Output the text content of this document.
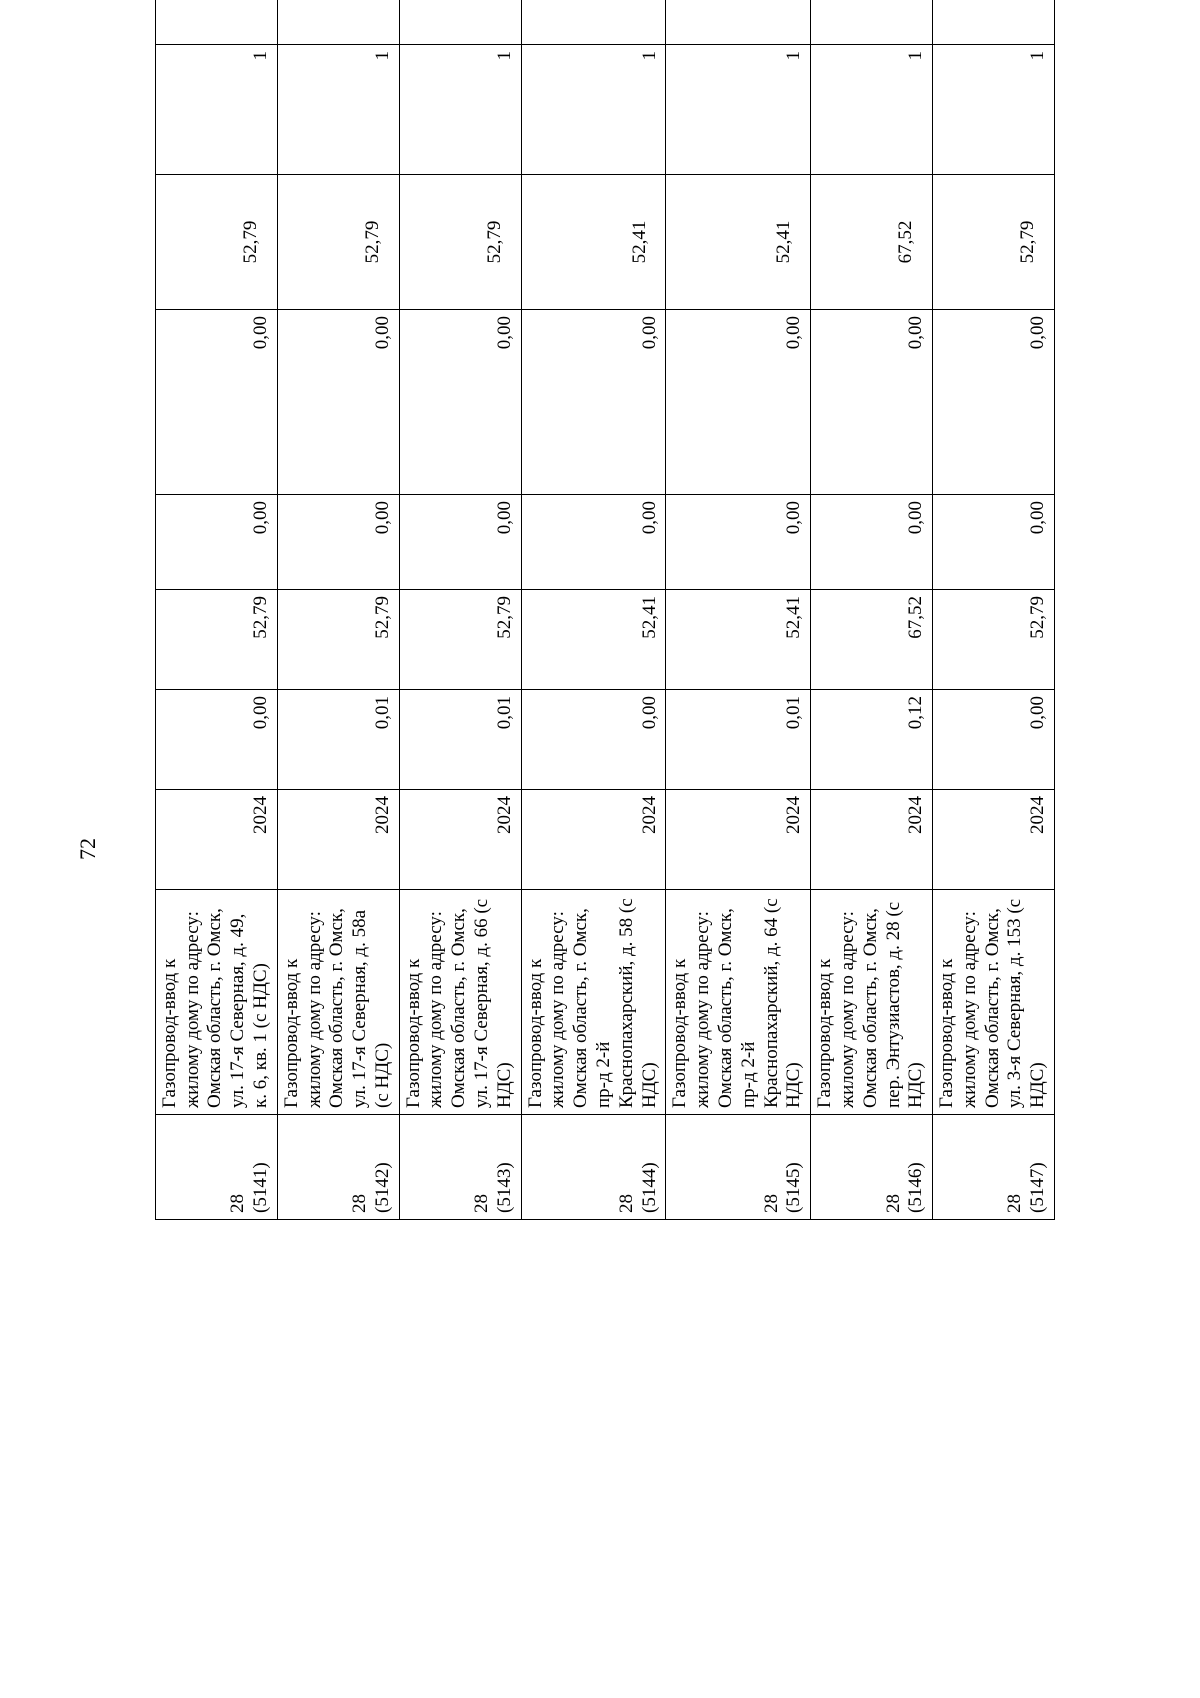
72
28 (5141)	Газопровод-ввод к жилому дому по адресу: Омская область, г. Омск, ул. 17-я Северная, д. 49, к. 6, кв. 1 (с НДС)	2024	0,00	52,79	0,00	0,00	52,79	1		

28 (5142)	Газопровод-ввод к жилому дому по адресу: Омская область, г. Омск, ул. 17-я Северная, д. 58а (с НДС)	2024	0,01	52,79	0,00	0,00	52,79	1		

28 (5143)	Газопровод-ввод к жилому дому по адресу: Омская область, г. Омск, ул. 17-я Северная, д. 66 (с НДС)	2024	0,01	52,79	0,00	0,00	52,79	1		

28 (5144)	Газопровод-ввод к жилому дому по адресу: Омская область, г. Омск, пр-д 2-й Краснопахарский, д. 58 (с НДС)	2024	0,00	52,41	0,00	0,00	52,41	1		

28 (5145)	Газопровод-ввод к жилому дому по адресу: Омская область, г. Омск, пр-д 2-й Краснопахарский, д. 64 (с НДС)	2024	0,01	52,41	0,00	0,00	52,41	1		

28 (5146)	Газопровод-ввод к жилому дому по адресу: Омская область, г. Омск, пер. Энтузиастов, д. 28 (с НДС)	2024	0,12	67,52	0,00	0,00	67,52	1		

28 (5147)	Газопровод-ввод к жилому дому по адресу: Омская область, г. Омск, ул. 3-я Северная, д. 153 (с НДС)	2024	0,00	52,79	0,00	0,00	52,79	1		
